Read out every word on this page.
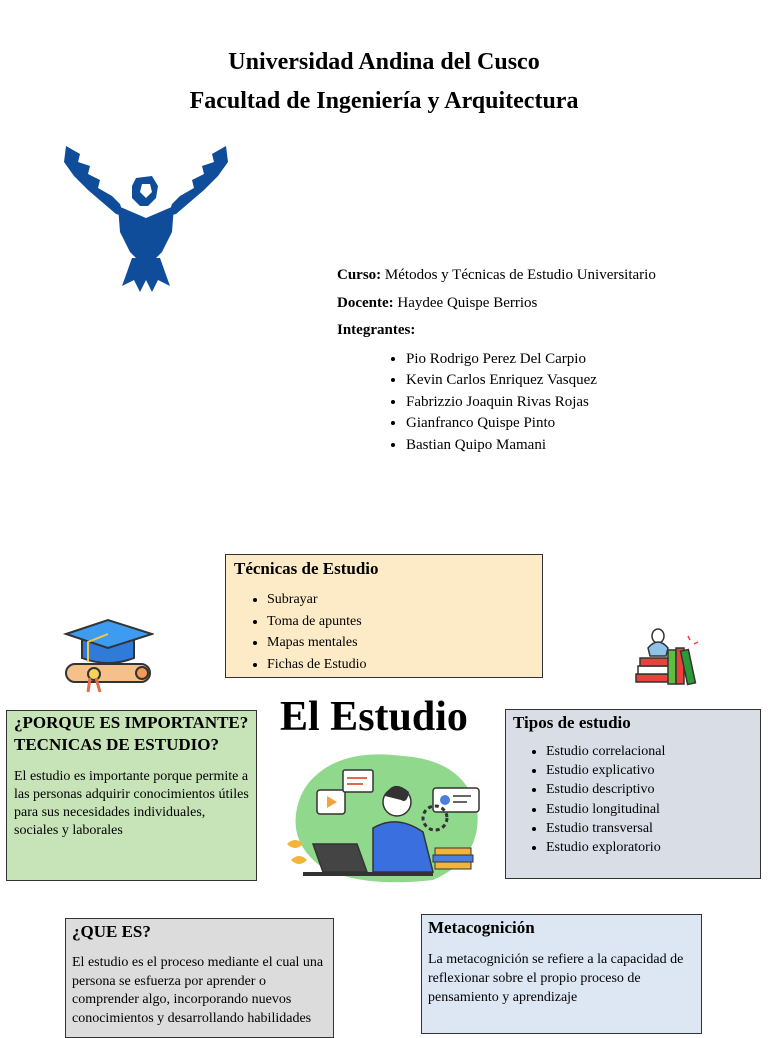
Universidad Andina del Cusco
Facultad de Ingeniería y Arquitectura
Curso: Métodos y Técnicas de Estudio Universitario
Docente: Haydee Quispe Berrios
Integrantes:
• Pio Rodrigo Perez Del Carpio
• Kevin Carlos Enriquez Vasquez
• Fabrizzio Joaquin Rivas Rojas
• Gianfranco Quispe Pinto
• Bastian Quipo Mamani
Técnicas de Estudio
• Subrayar
• Toma de apuntes
• Mapas mentales
• Fichas de Estudio
El Estudio
¿PORQUE ES IMPORTANTE? TECNICAS DE ESTUDIO?

El estudio es importante porque permite a las personas adquirir conocimientos útiles para sus necesidades individuales, sociales y laborales

Tipos de estudio
• Estudio correlacional
• Estudio explicativo
• Estudio descriptivo
• Estudio longitudinal
• Estudio transversal
• Estudio exploratorio
¿QUE ES?

El estudio es el proceso mediante el cual una persona se esfuerza por aprender o comprender algo, incorporando nuevos conocimientos y desarrollando habilidades

Metacognición

La metacognición se refiere a la capacidad de reflexionar sobre el propio proceso de pensamiento y aprendizaje
